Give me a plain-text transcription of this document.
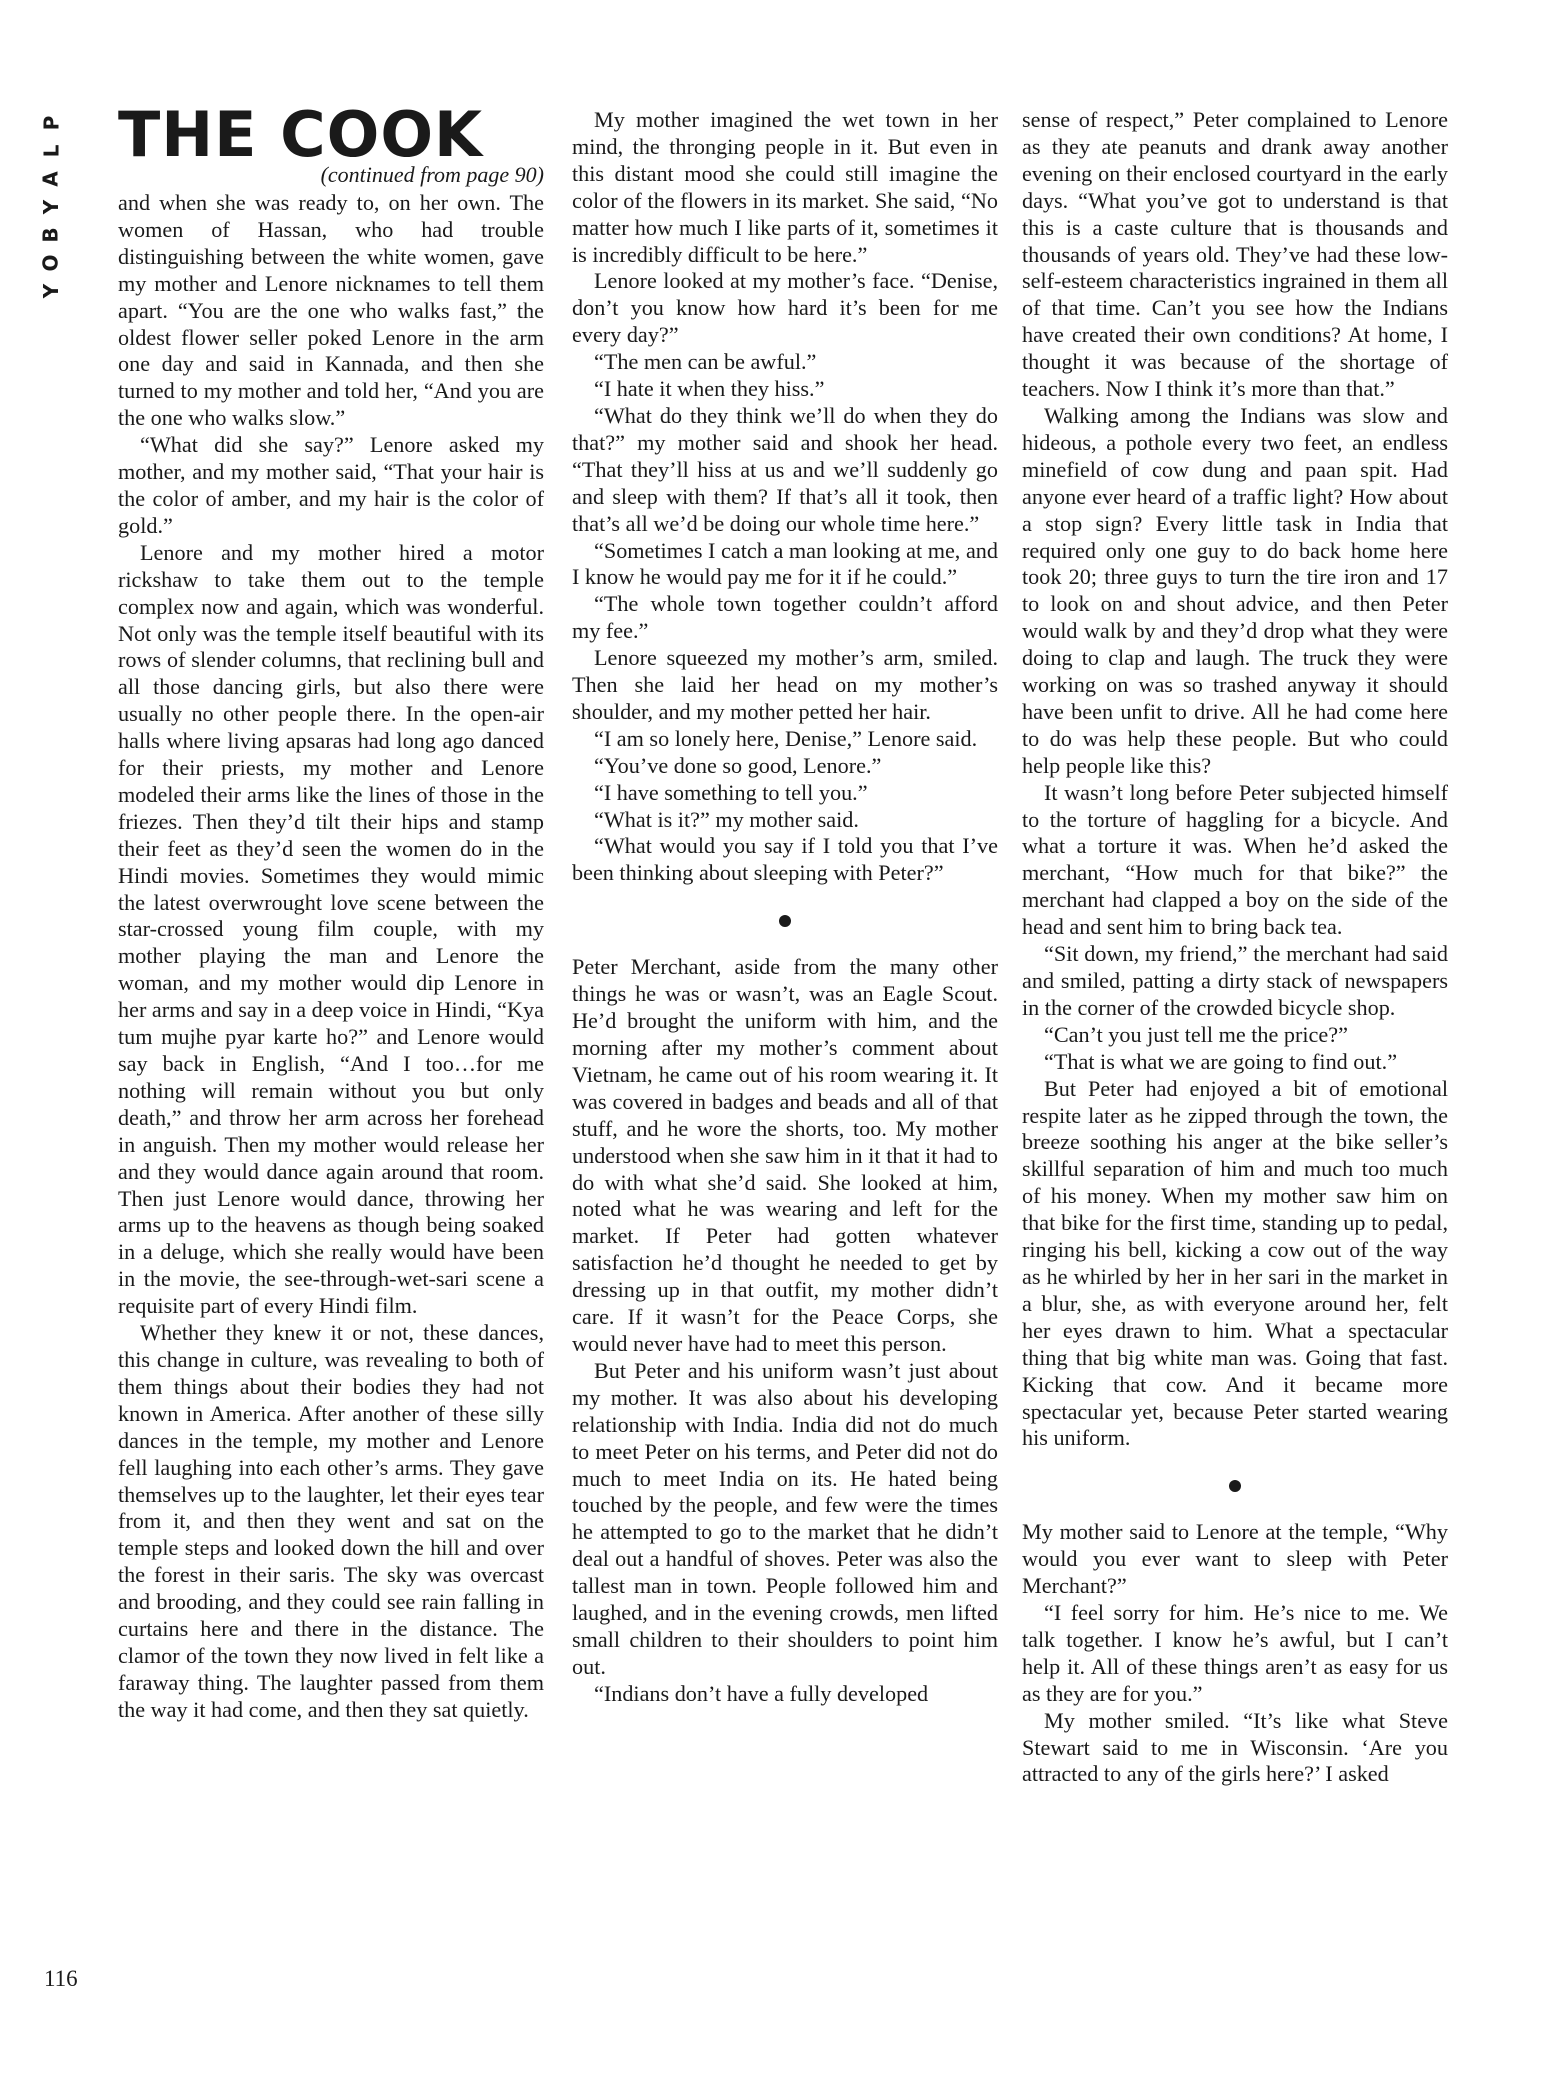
P
L
A
Y
B
O
Y
THE COOK
(continued from page 90)

and when she was ready to, on her own. The women of Hassan, who had trouble distinguishing between the white women, gave my mother and Lenore nicknames to tell them apart. “You are the one who walks fast,” the oldest flower seller poked Lenore in the arm one day and said in Kannada, and then she turned to my mother and told her, “And you are the one who walks slow.”

“What did she say?” Lenore asked my mother, and my mother said, “That your hair is the color of amber, and my hair is the color of gold.”

Lenore and my mother hired a motor rickshaw to take them out to the temple complex now and again, which was wonderful. Not only was the temple itself beautiful with its rows of slender columns, that reclining bull and all those dancing girls, but also there were usually no other people there. In the open-air halls where living apsaras had long ago danced for their priests, my mother and Lenore modeled their arms like the lines of those in the friezes. Then they’d tilt their hips and stamp their feet as they’d seen the women do in the Hindi movies. Sometimes they would mimic the latest overwrought love scene between the star-crossed young film couple, with my mother playing the man and Lenore the woman, and my mother would dip Lenore in her arms and say in a deep voice in Hindi, “Kya tum mujhe pyar karte ho?” and Lenore would say back in English, “And I too…for me nothing will remain without you but only death,” and throw her arm across her forehead in anguish. Then my mother would release her and they would dance again around that room. Then just Lenore would dance, throwing her arms up to the heavens as though being soaked in a deluge, which she really would have been in the movie, the see-through-wet-sari scene a requisite part of every Hindi film.

Whether they knew it or not, these dances, this change in culture, was revealing to both of them things about their bodies they had not known in America. After another of these silly dances in the temple, my mother and Lenore fell laughing into each other’s arms. They gave themselves up to the laughter, let their eyes tear from it, and then they went and sat on the temple steps and looked down the hill and over the forest in their saris. The sky was overcast and brooding, and they could see rain falling in curtains here and there in the distance. The clamor of the town they now lived in felt like a faraway thing. The laughter passed from them the way it had come, and then they sat quietly.

My mother imagined the wet town in her mind, the thronging people in it. But even in this distant mood she could still imagine the color of the flowers in its market. She said, “No matter how much I like parts of it, sometimes it is incredibly difficult to be here.”

Lenore looked at my mother’s face. “Denise, don’t you know how hard it’s been for me every day?”

“The men can be awful.”

“I hate it when they hiss.”

“What do they think we’ll do when they do that?” my mother said and shook her head. “That they’ll hiss at us and we’ll suddenly go and sleep with them? If that’s all it took, then that’s all we’d be doing our whole time here.”

“Sometimes I catch a man looking at me, and I know he would pay me for it if he could.”

“The whole town together couldn’t afford my fee.”

Lenore squeezed my mother’s arm, smiled. Then she laid her head on my mother’s shoulder, and my mother petted her hair.

“I am so lonely here, Denise,” Lenore said.

“You’ve done so good, Lenore.”

“I have something to tell you.”

“What is it?” my mother said.

“What would you say if I told you that I’ve been thinking about sleeping with Peter?”

Peter Merchant, aside from the many other things he was or wasn’t, was an Eagle Scout. He’d brought the uniform with him, and the morning after my mother’s comment about Vietnam, he came out of his room wearing it. It was covered in badges and beads and all of that stuff, and he wore the shorts, too. My mother understood when she saw him in it that it had to do with what she’d said. She looked at him, noted what he was wearing and left for the market. If Peter had gotten whatever satisfaction he’d thought he needed to get by dressing up in that outfit, my mother didn’t care. If it wasn’t for the Peace Corps, she would never have had to meet this person.

But Peter and his uniform wasn’t just about my mother. It was also about his developing relationship with India. India did not do much to meet Peter on his terms, and Peter did not do much to meet India on its. He hated being touched by the people, and few were the times he attempted to go to the market that he didn’t deal out a handful of shoves. Peter was also the tallest man in town. People followed him and laughed, and in the evening crowds, men lifted small children to their shoulders to point him out.

“Indians don’t have a fully developed

sense of respect,” Peter complained to Lenore as they ate peanuts and drank away another evening on their enclosed courtyard in the early days. “What you’ve got to understand is that this is a caste culture that is thousands and thousands of years old. They’ve had these low-self-esteem characteristics ingrained in them all of that time. Can’t you see how the Indians have created their own conditions? At home, I thought it was because of the shortage of teachers. Now I think it’s more than that.”

Walking among the Indians was slow and hideous, a pothole every two feet, an endless minefield of cow dung and paan spit. Had anyone ever heard of a traffic light? How about a stop sign? Every little task in India that required only one guy to do back home here took 20; three guys to turn the tire iron and 17 to look on and shout advice, and then Peter would walk by and they’d drop what they were doing to clap and laugh. The truck they were working on was so trashed anyway it should have been unfit to drive. All he had come here to do was help these people. But who could help people like this?

It wasn’t long before Peter subjected himself to the torture of haggling for a bicycle. And what a torture it was. When he’d asked the merchant, “How much for that bike?” the merchant had clapped a boy on the side of the head and sent him to bring back tea.

“Sit down, my friend,” the merchant had said and smiled, patting a dirty stack of newspapers in the corner of the crowded bicycle shop.

“Can’t you just tell me the price?”

“That is what we are going to find out.”

But Peter had enjoyed a bit of emotional respite later as he zipped through the town, the breeze soothing his anger at the bike seller’s skillful separation of him and much too much of his money. When my mother saw him on that bike for the first time, standing up to pedal, ringing his bell, kicking a cow out of the way as he whirled by her in her sari in the market in a blur, she, as with everyone around her, felt her eyes drawn to him. What a spectacular thing that big white man was. Going that fast. Kicking that cow. And it became more spectacular yet, because Peter started wearing his uniform.

My mother said to Lenore at the temple, “Why would you ever want to sleep with Peter Merchant?”

“I feel sorry for him. He’s nice to me. We talk together. I know he’s awful, but I can’t help it. All of these things aren’t as easy for us as they are for you.”

My mother smiled. “It’s like what Steve Stewart said to me in Wisconsin. ‘Are you attracted to any of the girls here?’ I asked

116
